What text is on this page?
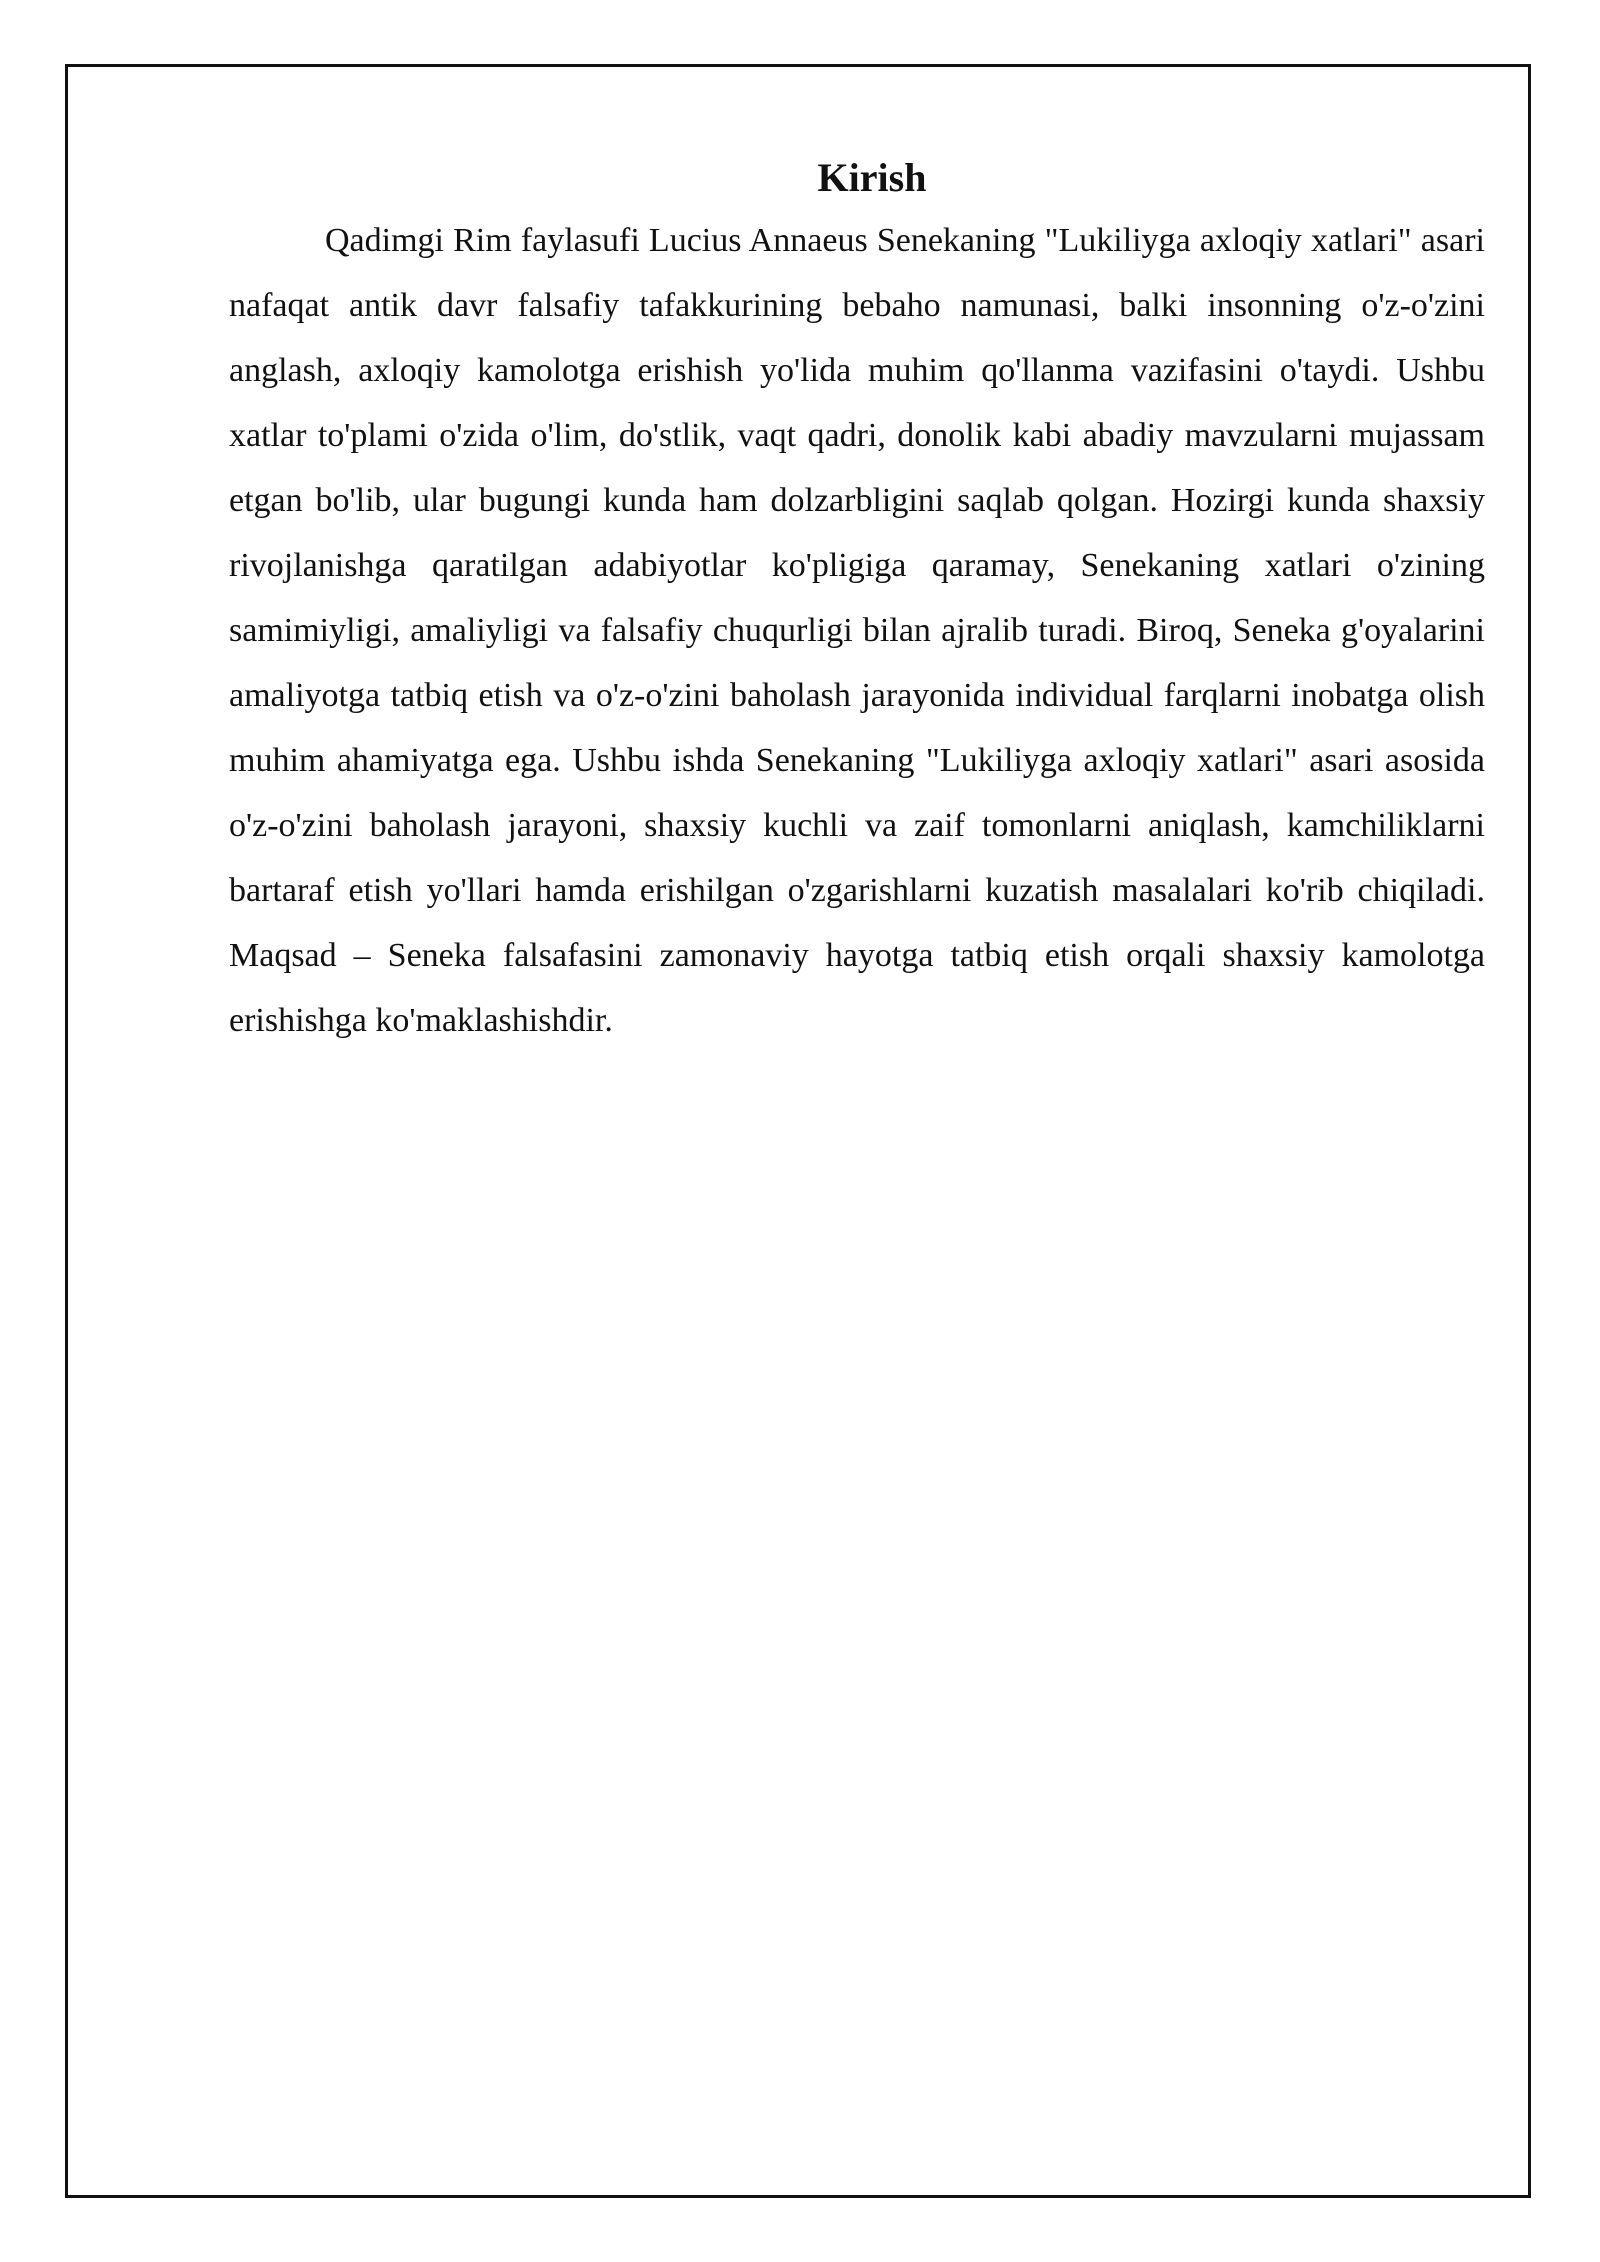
Kirish

Qadimgi Rim faylasufi Lucius Annaeus Senekaning "Lukiliyga axloqiy xatlari" asari nafaqat antik davr falsafiy tafakkurining bebaho namunasi, balki insonning o'z-o'zini anglash, axloqiy kamolotga erishish yo'lida muhim qo'llanma vazifasini o'taydi. Ushbu xatlar to'plami o'zida o'lim, do'stlik, vaqt qadri, donolik kabi abadiy mavzularni mujassam etgan bo'lib, ular bugungi kunda ham dolzarbligini saqlab qolgan. Hozirgi kunda shaxsiy rivojlanishga qaratilgan adabiyotlar ko'pligiga qaramay, Senekaning xatlari o'zining samimiyligi, amaliyligi va falsafiy chuqurligi bilan ajralib turadi. Biroq, Seneka g'oyalarini amaliyotga tatbiq etish va o'z-o'zini baholash jarayonida individual farqlarni inobatga olish muhim ahamiyatga ega. Ushbu ishda Senekaning "Lukiliyga axloqiy xatlari" asari asosida o'z-o'zini baholash jarayoni, shaxsiy kuchli va zaif tomonlarni aniqlash, kamchiliklarni bartaraf etish yo'llari hamda erishilgan o'zgarishlarni kuzatish masalalari ko'rib chiqiladi. Maqsad – Seneka falsafasini zamonaviy hayotga tatbiq etish orqali shaxsiy kamolotga erishishga ko'maklashishdir.
